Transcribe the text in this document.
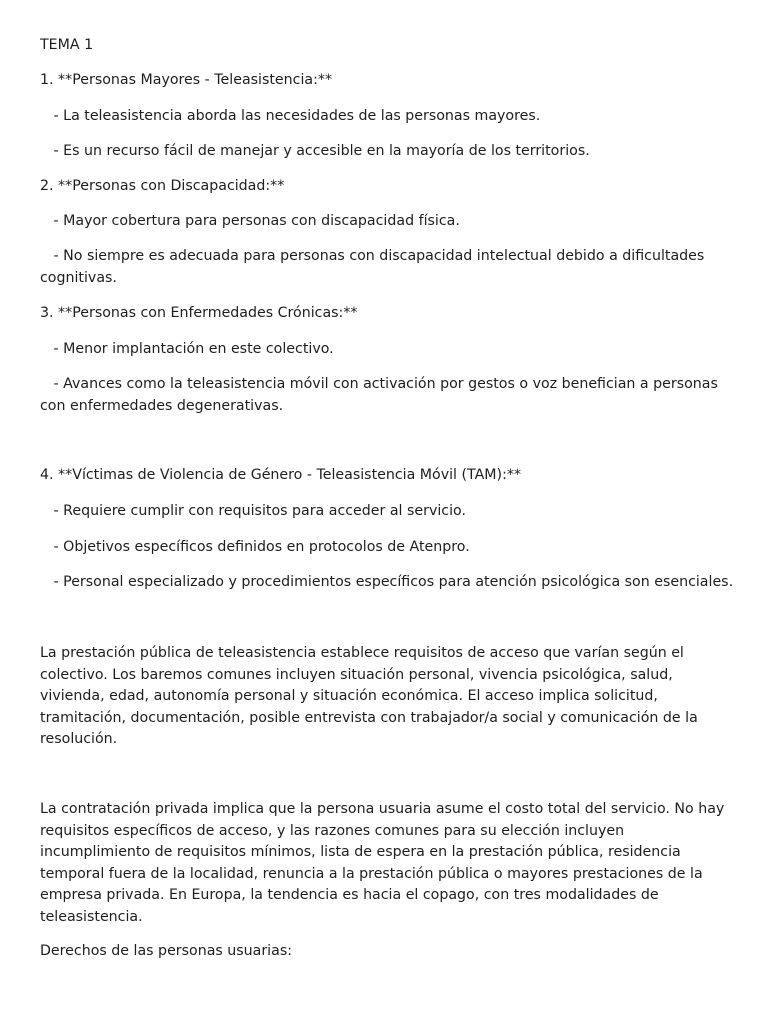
TEMA 1
1. **Personas Mayores - Teleasistencia:**
- La teleasistencia aborda las necesidades de las personas mayores.
- Es un recurso fácil de manejar y accesible en la mayoría de los territorios.
2. **Personas con Discapacidad:**
- Mayor cobertura para personas con discapacidad física.
- No siempre es adecuada para personas con discapacidad intelectual debido a dificultades cognitivas.
3. **Personas con Enfermedades Crónicas:**
- Menor implantación en este colectivo.
- Avances como la teleasistencia móvil con activación por gestos o voz benefician a personas con enfermedades degenerativas.
4. **Víctimas de Violencia de Género - Teleasistencia Móvil (TAM):**
- Requiere cumplir con requisitos para acceder al servicio.
- Objetivos específicos definidos en protocolos de Atenpro.
- Personal especializado y procedimientos específicos para atención psicológica son esenciales.
La prestación pública de teleasistencia establece requisitos de acceso que varían según el colectivo. Los baremos comunes incluyen situación personal, vivencia psicológica, salud, vivienda, edad, autonomía personal y situación económica. El acceso implica solicitud, tramitación, documentación, posible entrevista con trabajador/a social y comunicación de la resolución.
La contratación privada implica que la persona usuaria asume el costo total del servicio. No hay requisitos específicos de acceso, y las razones comunes para su elección incluyen incumplimiento de requisitos mínimos, lista de espera en la prestación pública, residencia temporal fuera de la localidad, renuncia a la prestación pública o mayores prestaciones de la empresa privada. En Europa, la tendencia es hacia el copago, con tres modalidades de teleasistencia.
Derechos de las personas usuarias:
